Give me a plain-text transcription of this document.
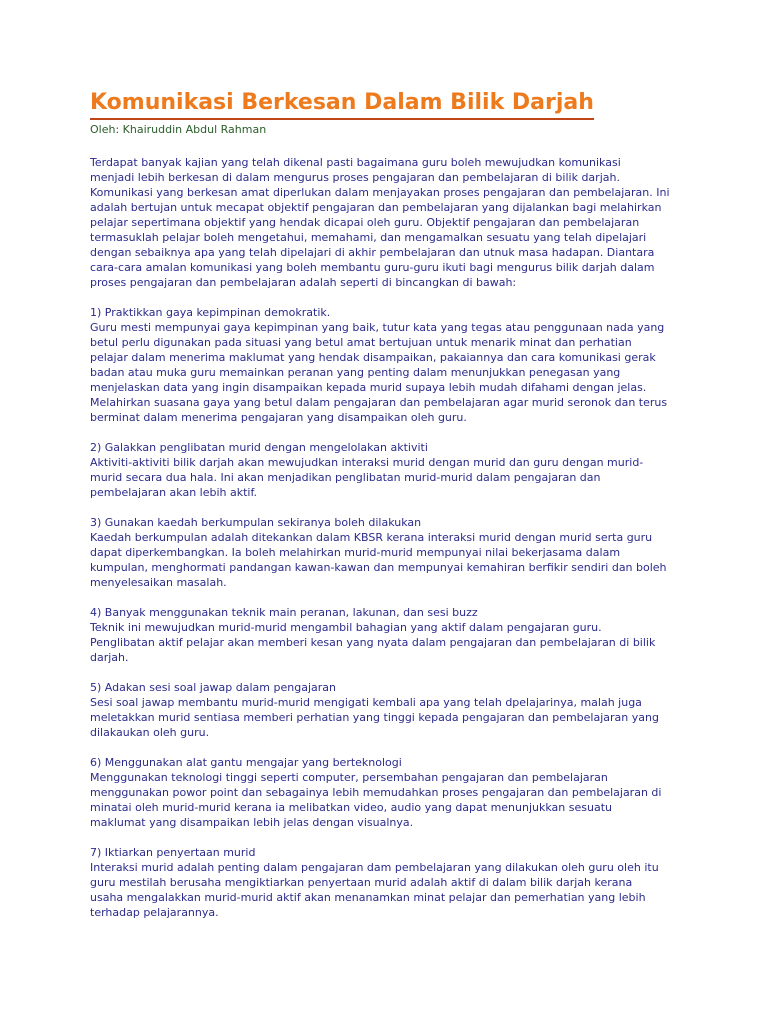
Komunikasi Berkesan Dalam Bilik Darjah

Oleh: Khairuddin Abdul Rahman

Terdapat banyak kajian yang telah dikenal pasti bagaimana guru boleh mewujudkan komunikasi
menjadi lebih berkesan di dalam mengurus proses pengajaran dan pembelajaran di bilik darjah.
Komunikasi yang berkesan amat diperlukan dalam menjayakan proses pengajaran dan pembelajaran. Ini
adalah bertujan untuk mecapat objektif pengajaran dan pembelajaran yang dijalankan bagi melahirkan
pelajar sepertimana objektif yang hendak dicapai oleh guru. Objektif pengajaran dan pembelajaran
termasuklah pelajar boleh mengetahui, memahami, dan mengamalkan sesuatu yang telah dipelajari
dengan sebaiknya apa yang telah dipelajari di akhir pembelajaran dan utnuk masa hadapan. Diantara
cara-cara amalan komunikasi yang boleh membantu guru-guru ikuti bagi mengurus bilik darjah dalam
proses pengajaran dan pembelajaran adalah seperti di bincangkan di bawah:

1) Praktikkan gaya kepimpinan demokratik.
Guru mesti mempunyai gaya kepimpinan yang baik, tutur kata yang tegas atau penggunaan nada yang
betul perlu digunakan pada situasi yang betul amat bertujuan untuk menarik minat dan perhatian
pelajar dalam menerima maklumat yang hendak disampaikan, pakaiannya dan cara komunikasi gerak
badan atau muka guru memainkan peranan yang penting dalam menunjukkan penegasan yang
menjelaskan data yang ingin disampaikan kepada murid supaya lebih mudah difahami dengan jelas.
Melahirkan suasana gaya yang betul dalam pengajaran dan pembelajaran agar murid seronok dan terus
berminat dalam menerima pengajaran yang disampaikan oleh guru.

2) Galakkan penglibatan murid dengan mengelolakan aktiviti
Aktiviti-aktiviti bilik darjah akan mewujudkan interaksi murid dengan murid dan guru dengan murid-
murid secara dua hala. Ini akan menjadikan penglibatan murid-murid dalam pengajaran dan
pembelajaran akan lebih aktif.

3) Gunakan kaedah berkumpulan sekiranya boleh dilakukan
Kaedah berkumpulan adalah ditekankan dalam KBSR kerana interaksi murid dengan murid serta guru
dapat diperkembangkan. Ia boleh melahirkan murid-murid mempunyai nilai bekerjasama dalam
kumpulan, menghormati pandangan kawan-kawan dan mempunyai kemahiran berfikir sendiri dan boleh
menyelesaikan masalah.

4) Banyak menggunakan teknik main peranan, lakunan, dan sesi buzz
Teknik ini mewujudkan murid-murid mengambil bahagian yang aktif dalam pengajaran guru.
Penglibatan aktif pelajar akan memberi kesan yang nyata dalam pengajaran dan pembelajaran di bilik
darjah.

5) Adakan sesi soal jawap dalam pengajaran
Sesi soal jawap membantu murid-murid mengigati kembali apa yang telah dpelajarinya, malah juga
meletakkan murid sentiasa memberi perhatian yang tinggi kepada pengajaran dan pembelajaran yang
dilakaukan oleh guru.

6) Menggunakan alat gantu mengajar yang berteknologi
Menggunakan teknologi tinggi seperti computer, persembahan pengajaran dan pembelajaran
menggunakan powor point dan sebagainya lebih memudahkan proses pengajaran dan pembelajaran di
minatai oleh murid-murid kerana ia melibatkan video, audio yang dapat menunjukkan sesuatu
maklumat yang disampaikan lebih jelas dengan visualnya.

7) Iktiarkan penyertaan murid
Interaksi murid adalah penting dalam pengajaran dam pembelajaran yang dilakukan oleh guru oleh itu
guru mestilah berusaha mengiktiarkan penyertaan murid adalah aktif di dalam bilik darjah kerana
usaha mengalakkan murid-murid aktif akan menanamkan minat pelajar dan pemerhatian yang lebih
terhadap pelajarannya.
